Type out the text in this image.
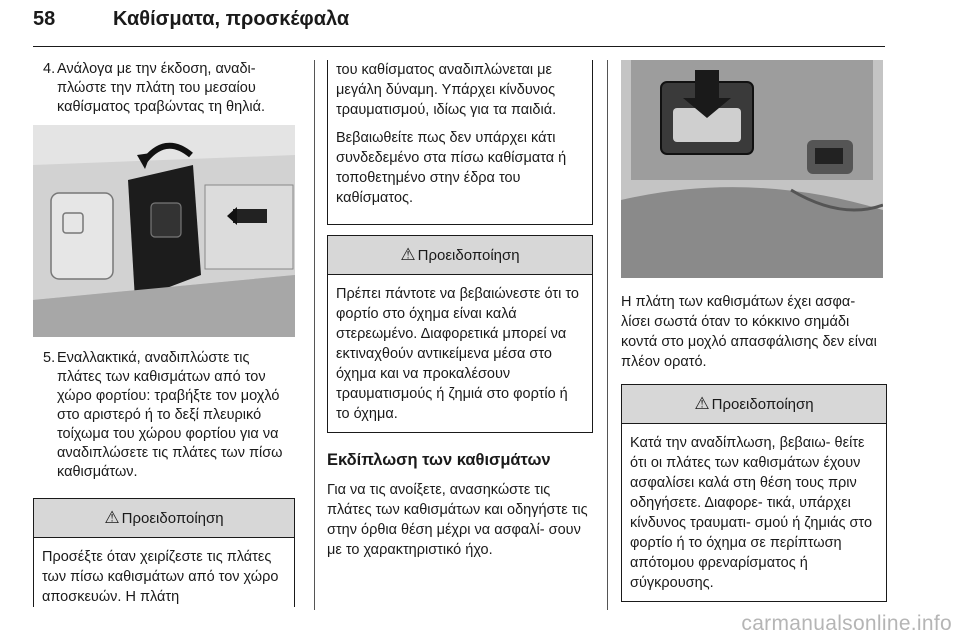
58	Καθίσματα, προσκέφαλα
4. Ανάλογα με την έκδοση, αναδι- πλώστε την πλάτη του μεσαίου καθίσματος τραβώντας τη θηλιά.
5. Εναλλακτικά, αναδιπλώστε τις πλάτες των καθισμάτων από τον χώρο φορτίου: τραβήξτε τον μοχλό στο αριστερό ή το δεξί πλευρικό τοίχωμα του χώρου φορτίου για να αναδιπλώσετε τις πλάτες των πίσω καθισμάτων.
⚠ Προειδοποίηση
Προσέξτε όταν χειρίζεστε τις πλάτες των πίσω καθισμάτων από τον χώρο αποσκευών. Η πλάτη

του καθίσματος αναδιπλώνεται με μεγάλη δύναμη. Υπάρχει κίνδυνος τραυματισμού, ιδίως για τα παιδιά.

Βεβαιωθείτε πως δεν υπάρχει κάτι συνδεδεμένο στα πίσω καθίσματα ή τοποθετημένο στην έδρα του καθίσματος.

⚠ Προειδοποίηση
Πρέπει πάντοτε να βεβαιώνεστε ότι το φορτίο στο όχημα είναι καλά στερεωμένο. Διαφορετικά μπορεί να εκτιναχθούν αντικείμενα μέσα στο όχημα και να προκαλέσουν τραυματισμούς ή ζημιά στο φορτίο ή το όχημα.
Εκδίπλωση των καθισμάτων

Για να τις ανοίξετε, ανασηκώστε τις πλάτες των καθισμάτων και οδηγήστε τις στην όρθια θέση μέχρι να ασφαλί- σουν με το χαρακτηριστικό ήχο.

Η πλάτη των καθισμάτων έχει ασφα- λίσει σωστά όταν το κόκκινο σημάδι κοντά στο μοχλό απασφάλισης δεν είναι πλέον ορατό.

⚠ Προειδοποίηση
Κατά την αναδίπλωση, βεβαιω- θείτε ότι οι πλάτες των καθισμάτων έχουν ασφαλίσει καλά στη θέση τους πριν οδηγήσετε. Διαφορε- τικά, υπάρχει κίνδυνος τραυματι- σμού ή ζημιάς στο φορτίο ή το όχημα σε περίπτωση απότομου φρεναρίσματος ή σύγκρουσης.
carmanualsonline.info
